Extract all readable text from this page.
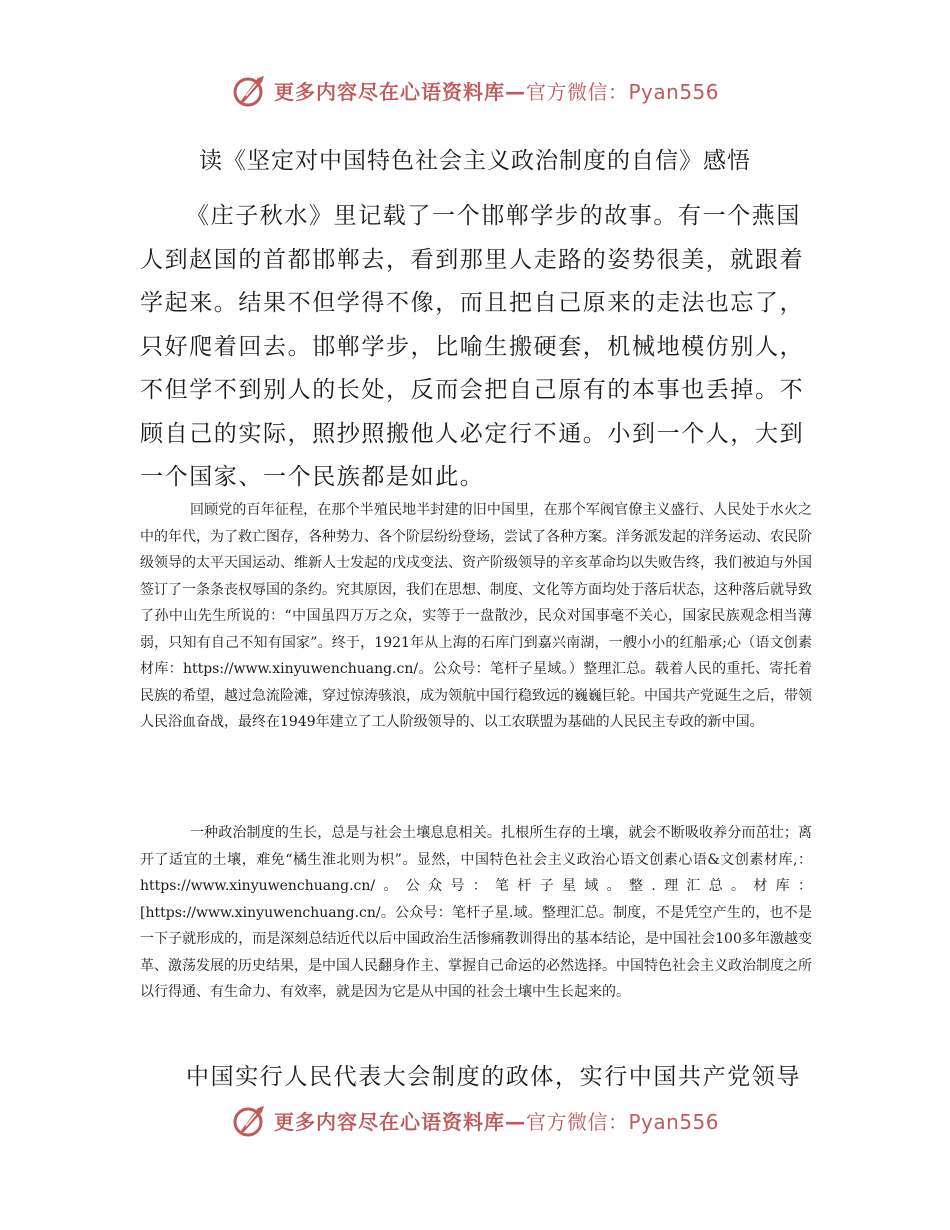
更多内容尽在心语资料库—官方微信：Pyan556
读《坚定对中国特色社会主义政治制度的自信》感悟

《庄子秋水》里记载了一个邯郸学步的故事。有一个燕国人到赵国的首都邯郸去，看到那里人走路的姿势很美，就跟着学起来。结果不但学得不像，而且把自己原来的走法也忘了，只好爬着回去。邯郸学步，比喻生搬硬套，机械地模仿别人，不但学不到别人的长处，反而会把自己原有的本事也丢掉。不顾自己的实际，照抄照搬他人必定行不通。小到一个人，大到一个国家、一个民族都是如此。

回顾党的百年征程，在那个半殖民地半封建的旧中国里，在那个军阀官僚主义盛行、人民处于水火之中的年代，为了救亡图存，各种势力、各个阶层纷纷登场，尝试了各种方案。洋务派发起的洋务运动、农民阶级领导的太平天国运动、维新人士发起的戊戌变法、资产阶级领导的辛亥革命均以失败告终，我们被迫与外国签订了一条条丧权辱国的条约。究其原因，我们在思想、制度、文化等方面均处于落后状态，这种落后就导致了孙中山先生所说的：“中国虽四万万之众，实等于一盘散沙，民众对国事毫不关心，国家民族观念相当薄弱，只知有自己不知有国家”。终于，1921年从上海的石库门到嘉兴南湖，一艘小小的红船承;心（语文创素材库：https://www.xinyuwenchuang.cn/。公众号：笔杆子星域。）整理汇总。载着人民的重托、寄托着民族的希望，越过急流险滩，穿过惊涛骇浪，成为领航中国行稳致远的巍巍巨轮。中国共产党诞生之后，带领人民浴血奋战，最终在1949年建立了工人阶级领导的、以工农联盟为基础的人民民主专政的新中国。

一种政治制度的生长，总是与社会土壤息息相关。扎根所生存的土壤，就会不断吸收养分而茁壮；离开了适宜的土壤，难免“橘生淮北则为枳”。显然，中国特色社会主义政治心语文创素心语&文创素材库,：https://www.xinyuwenchuang.cn/。公众号：笔杆子星域。整.理汇总。材库：[https://www.xinyuwenchuang.cn/。公众号：笔杆子星.域。整理汇总。制度，不是凭空产生的，也不是一下子就形成的，而是深刻总结近代以后中国政治生活惨痛教训得出的基本结论，是中国社会100多年激越变革、激荡发展的历史结果，是中国人民翻身作主、掌握自己命运的必然选择。中国特色社会主义政治制度之所以行得通、有生命力、有效率，就是因为它是从中国的社会土壤中生长起来的。

中国实行人民代表大会制度的政体，实行中国共产党领导

更多内容尽在心语资料库—官方微信：Pyan556
